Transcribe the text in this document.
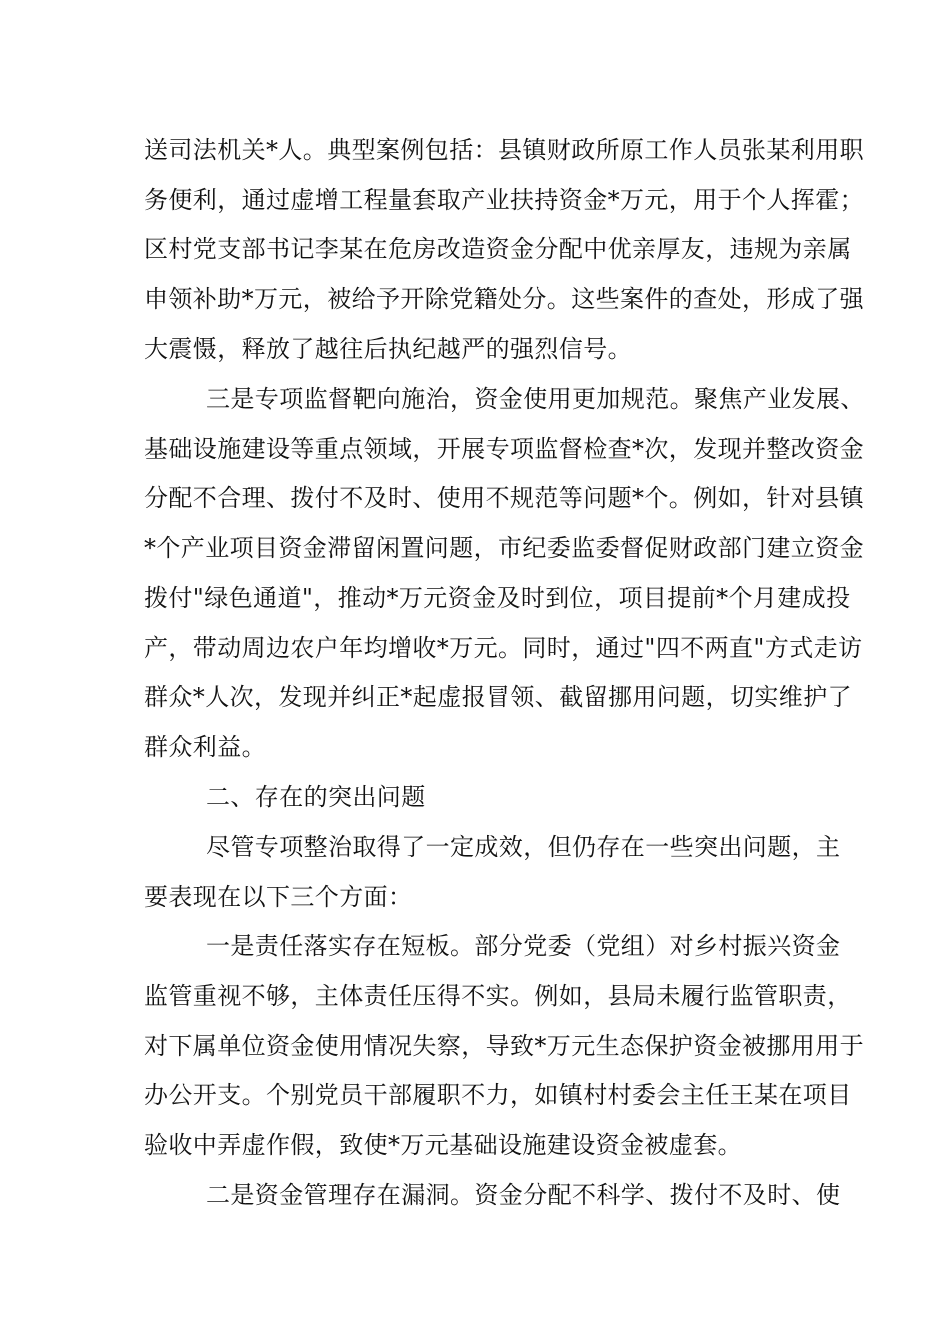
送司法机关*人。典型案例包括：县镇财政所原工作人员张某利用职
务便利，通过虚增工程量套取产业扶持资金*万元，用于个人挥霍；
区村党支部书记李某在危房改造资金分配中优亲厚友，违规为亲属
申领补助*万元，被给予开除党籍处分。这些案件的查处，形成了强
大震慑，释放了越往后执纪越严的强烈信号。
三是专项监督靶向施治，资金使用更加规范。聚焦产业发展、
基础设施建设等重点领域，开展专项监督检查*次，发现并整改资金
分配不合理、拨付不及时、使用不规范等问题*个。例如，针对县镇
*个产业项目资金滞留闲置问题，市纪委监委督促财政部门建立资金
拨付"绿色通道"，推动*万元资金及时到位，项目提前*个月建成投
产，带动周边农户年均增收*万元。同时，通过"四不两直"方式走访
群众*人次，发现并纠正*起虚报冒领、截留挪用问题，切实维护了
群众利益。
二、存在的突出问题
尽管专项整治取得了一定成效，但仍存在一些突出问题，主
要表现在以下三个方面：
一是责任落实存在短板。部分党委（党组）对乡村振兴资金
监管重视不够，主体责任压得不实。例如，县局未履行监管职责，
对下属单位资金使用情况失察，导致*万元生态保护资金被挪用用于
办公开支。个别党员干部履职不力，如镇村村委会主任王某在项目
验收中弄虚作假，致使*万元基础设施建设资金被虚套。
二是资金管理存在漏洞。资金分配不科学、拨付不及时、使
